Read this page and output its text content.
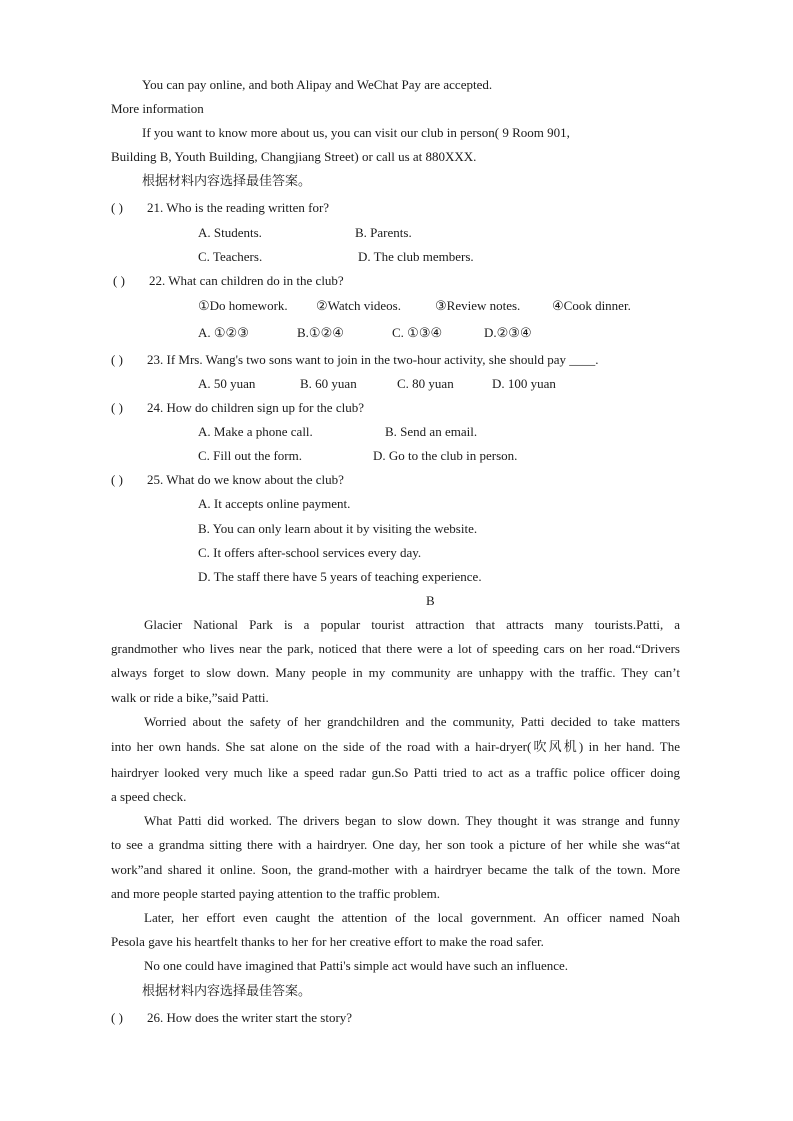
You can pay online, and both Alipay and WeChat Pay are accepted.
More information
If you want to know more about us, you can visit our club in person( 9 Room 901,
Building B, Youth Building, Changjiang Street) or call us at 880XXX.
根据材料内容选择最佳答案。
( ) 21. Who is the reading written for?
A. Students.	B. Parents.
C. Teachers.	D. The club members.
( ) 22. What can children do in the club?
①Do homework. ②Watch videos.	③Review notes. ④Cook dinner.
A. ①②③	B.①②④	C. ①③④	D.②③④
( ) 23. If Mrs. Wang's two sons want to join in the two-hour activity, she should pay ____.
A. 50 yuan	B. 60 yuan	C. 80 yuan	D. 100 yuan
( ) 24. How do children sign up for the club?
A. Make a phone call.	B. Send an email.
C. Fill out the form.	D. Go to the club in person.
( ) 25. What do we know about the club?
A. It accepts online payment.
B. You can only learn about it by visiting the website.
C. It offers after-school services every day.
D. The staff there have 5 years of teaching experience.
B
Glacier National Park is a popular tourist attraction that attracts many tourists.Patti, a
grandmother who lives near the park, noticed that there were a lot of speeding cars on her road.“Drivers
always forget to slow down. Many people in my community are unhappy with the traffic. They can’t
walk or ride a bike,”said Patti.
Worried about the safety of her grandchildren and the community, Patti decided to take matters
into her own hands. She sat alone on the side of the road with a hair-dryer(吹风机) in her hand. The
hairdryer looked very much like a speed radar gun.So Patti tried to act as a traffic police officer doing
a speed check.
What Patti did worked. The drivers began to slow down. They thought it was strange and funny
to see a grandma sitting there with a hairdryer. One day, her son took a picture of her while she was“at
work”and shared it online. Soon, the grand-mother with a hairdryer became the talk of the town. More
and more people started paying attention to the traffic problem.
Later, her effort even caught the attention of the local government. An officer named Noah
Pesola gave his heartfelt thanks to her for her creative effort to make the road safer.
No one could have imagined that Patti's simple act would have such an influence.
根据材料内容选择最佳答案。
( ) 26. How does the writer start the story?
